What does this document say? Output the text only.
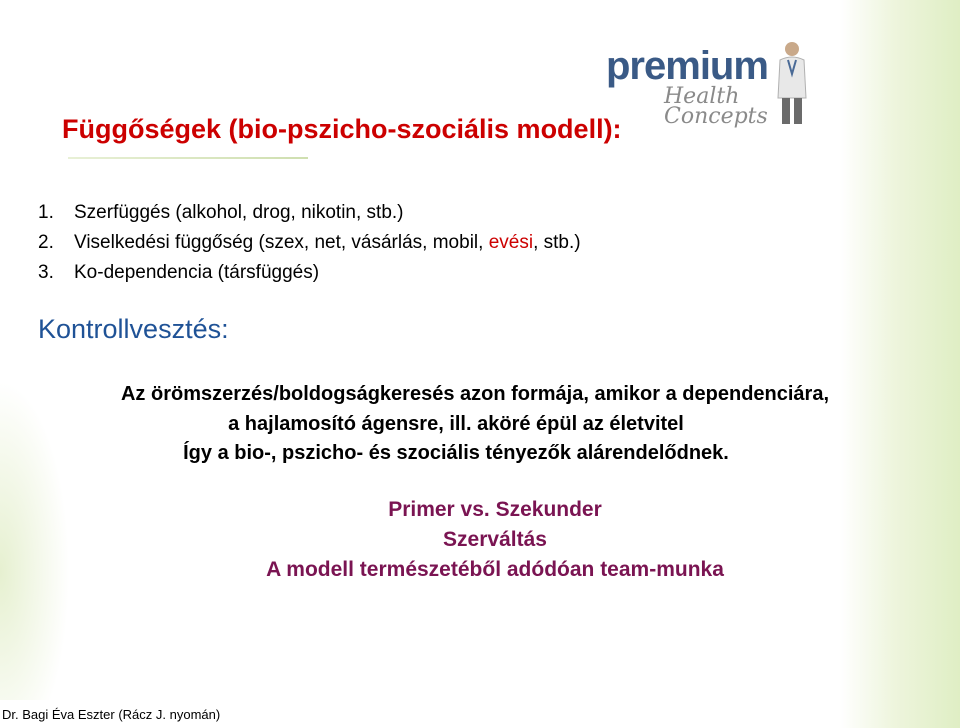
premium
Health
Concepts
Függőségek (bio-pszicho-szociális modell):
1. Szerfüggés (alkohol, drog, nikotin, stb.)
2. Viselkedési függőség (szex, net, vásárlás, mobil, evési, stb.)
3. Ko-dependencia (társfüggés)
Kontrollvesztés:
Az örömszerzés/boldogságkeresés azon formája, amikor a dependenciára,
a hajlamosító ágensre, ill. aköré épül az életvitel
Így a bio-, pszicho- és szociális tényezők alárendelődnek.
Primer vs. Szekunder
Szerváltás
A modell természetéből adódóan team-munka
Dr. Bagi Éva Eszter (Rácz J. nyomán)
